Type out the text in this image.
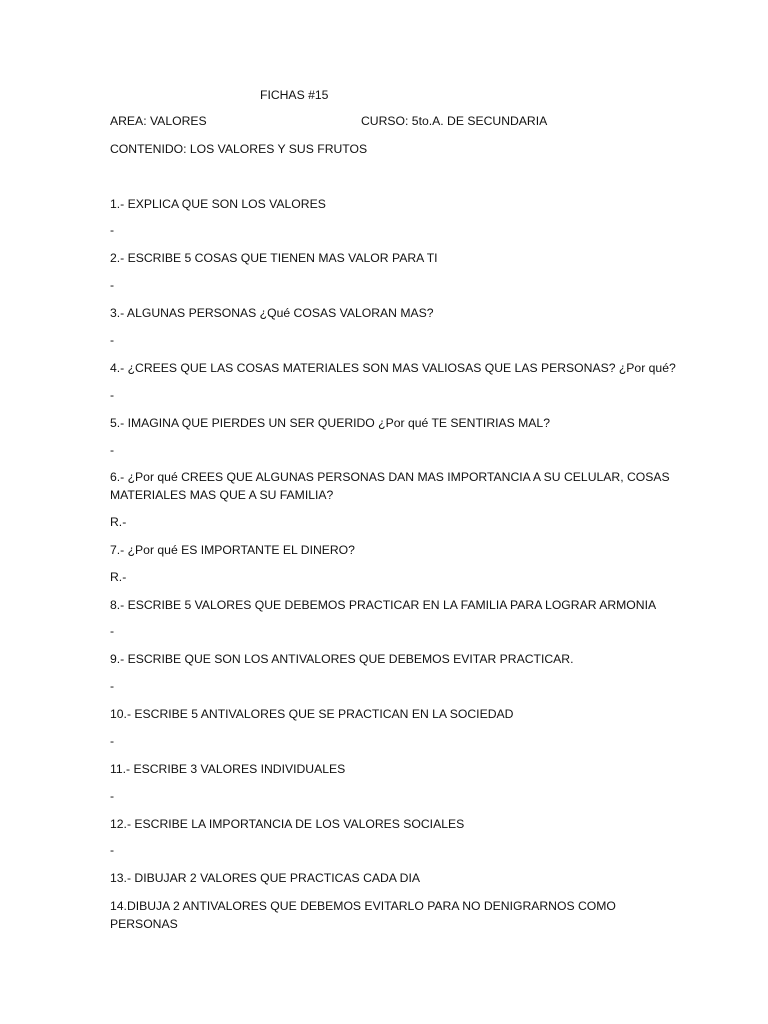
FICHAS #15
AREA: VALORES	CURSO: 5to.A. DE SECUNDARIA
CONTENIDO: LOS VALORES Y SUS FRUTOS
1.- EXPLICA QUE SON LOS VALORES
-
2.- ESCRIBE 5 COSAS QUE TIENEN MAS VALOR PARA TI
-
3.- ALGUNAS PERSONAS ¿Qué COSAS VALORAN MAS?
-
4.- ¿CREES QUE LAS COSAS MATERIALES SON MAS VALIOSAS QUE LAS PERSONAS? ¿Por qué?
-
5.- IMAGINA QUE PIERDES UN SER QUERIDO ¿Por qué TE SENTIRIAS MAL?
-
6.- ¿Por qué CREES QUE ALGUNAS PERSONAS DAN MAS IMPORTANCIA A SU CELULAR, COSAS MATERIALES MAS QUE A SU FAMILIA?
R.-
7.- ¿Por qué ES IMPORTANTE EL DINERO?
R.-
8.- ESCRIBE 5 VALORES QUE DEBEMOS PRACTICAR EN LA FAMILIA PARA LOGRAR ARMONIA
-
9.- ESCRIBE QUE SON LOS ANTIVALORES QUE DEBEMOS EVITAR PRACTICAR.
-
10.- ESCRIBE 5 ANTIVALORES QUE SE PRACTICAN EN LA SOCIEDAD
-
11.- ESCRIBE 3 VALORES INDIVIDUALES
-
12.- ESCRIBE LA IMPORTANCIA DE LOS VALORES SOCIALES
-
13.- DIBUJAR 2 VALORES QUE PRACTICAS CADA DIA
14.DIBUJA 2 ANTIVALORES QUE DEBEMOS EVITARLO PARA NO DENIGRARNOS COMO PERSONAS
